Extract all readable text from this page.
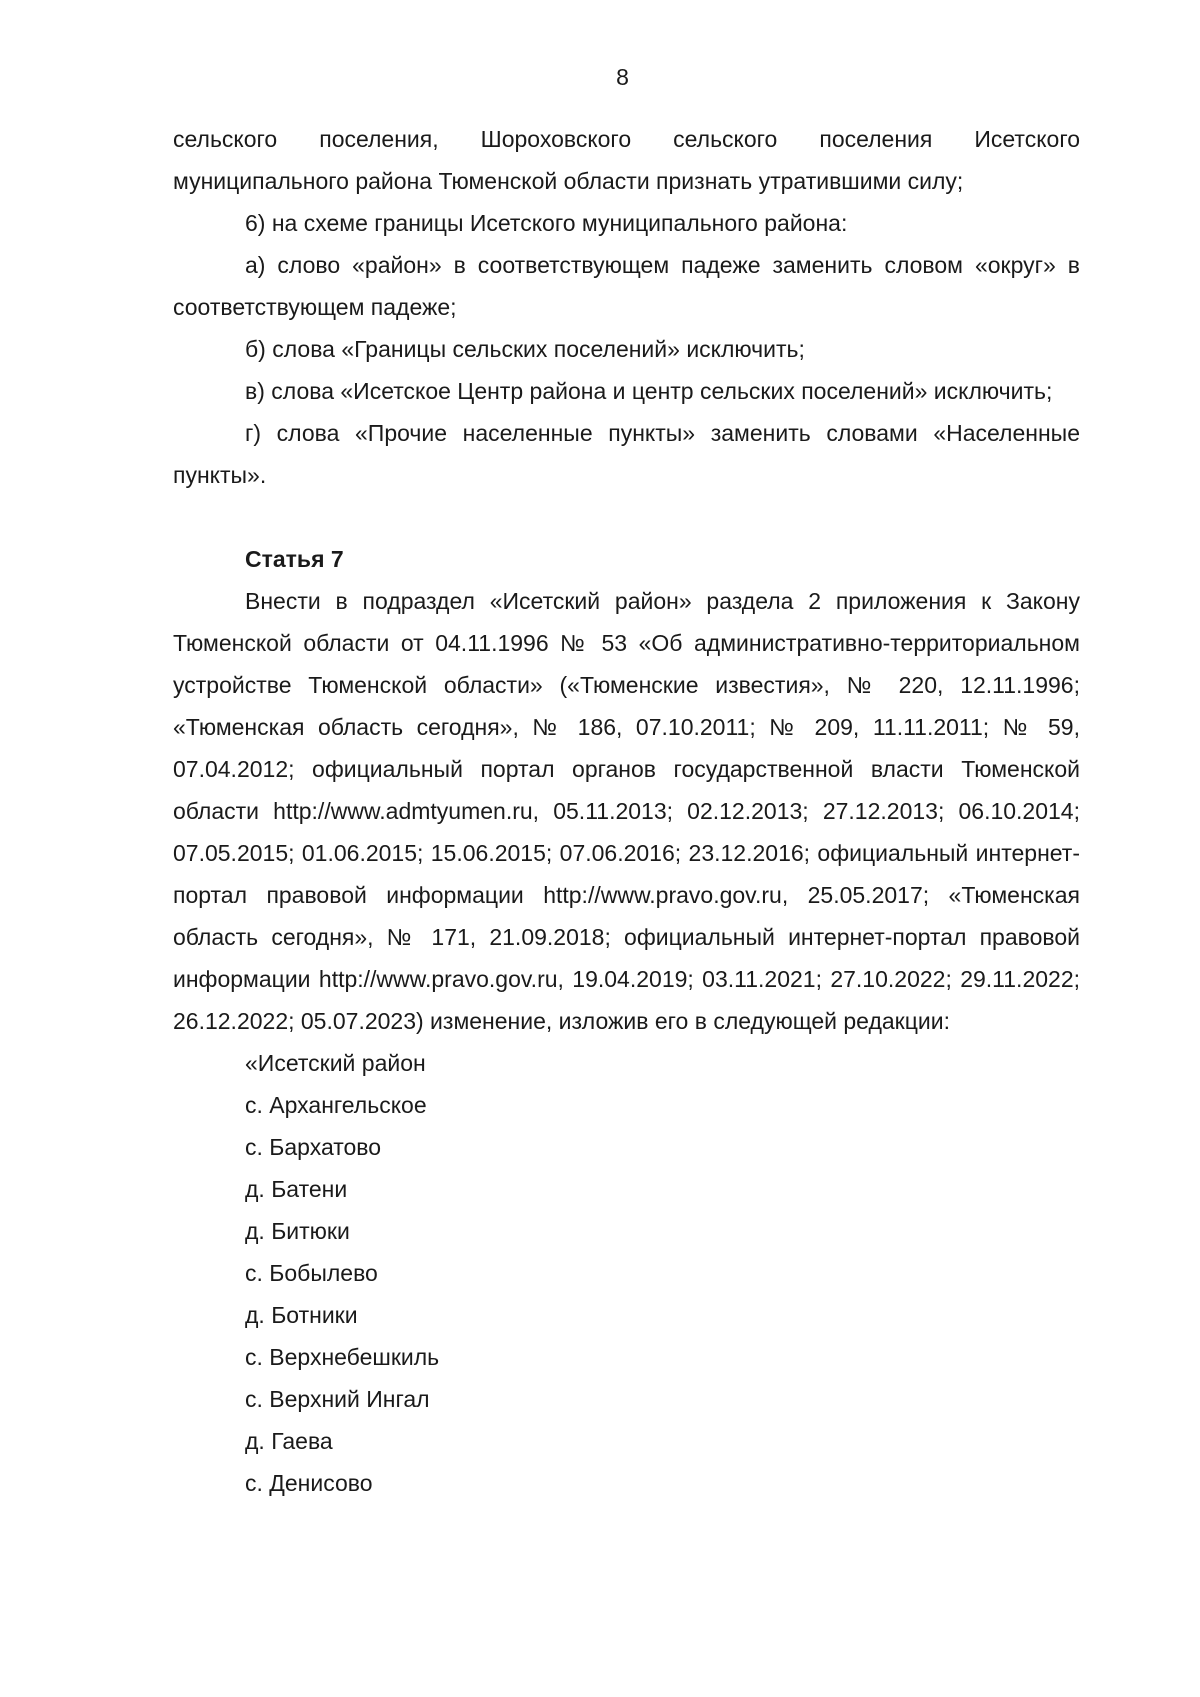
8

сельского поселения, Шороховского сельского поселения Исетского муниципального района Тюменской области признать утратившими силу;

6) на схеме границы Исетского муниципального района:

а) слово «район» в соответствующем падеже заменить словом «округ» в соответствующем падеже;

б) слова «Границы сельских поселений» исключить;

в) слова «Исетское Центр района и центр сельских поселений» исключить;

г) слова «Прочие населенные пункты» заменить словами «Населенные пункты».

Статья 7

Внести в подраздел «Исетский район» раздела 2 приложения к Закону Тюменской области от 04.11.1996 № 53 «Об административно-территориальном устройстве Тюменской области» («Тюменские известия», № 220, 12.11.1996; «Тюменская область сегодня», № 186, 07.10.2011; № 209, 11.11.2011; № 59, 07.04.2012; официальный портал органов государственной власти Тюменской области http://www.admtyumen.ru, 05.11.2013; 02.12.2013; 27.12.2013; 06.10.2014; 07.05.2015; 01.06.2015; 15.06.2015; 07.06.2016; 23.12.2016; официальный интернет-портал правовой информации http://www.pravo.gov.ru, 25.05.2017; «Тюменская область сегодня», № 171, 21.09.2018; официальный интернет-портал правовой информации http://www.pravo.gov.ru, 19.04.2019; 03.11.2021; 27.10.2022; 29.11.2022; 26.12.2022; 05.07.2023) изменение, изложив его в следующей редакции:

«Исетский район

с. Архангельское

с. Бархатово

д. Батени

д. Битюки

с. Бобылево

д. Ботники

с. Верхнебешкиль

с. Верхний Ингал

д. Гаева

с. Денисово
